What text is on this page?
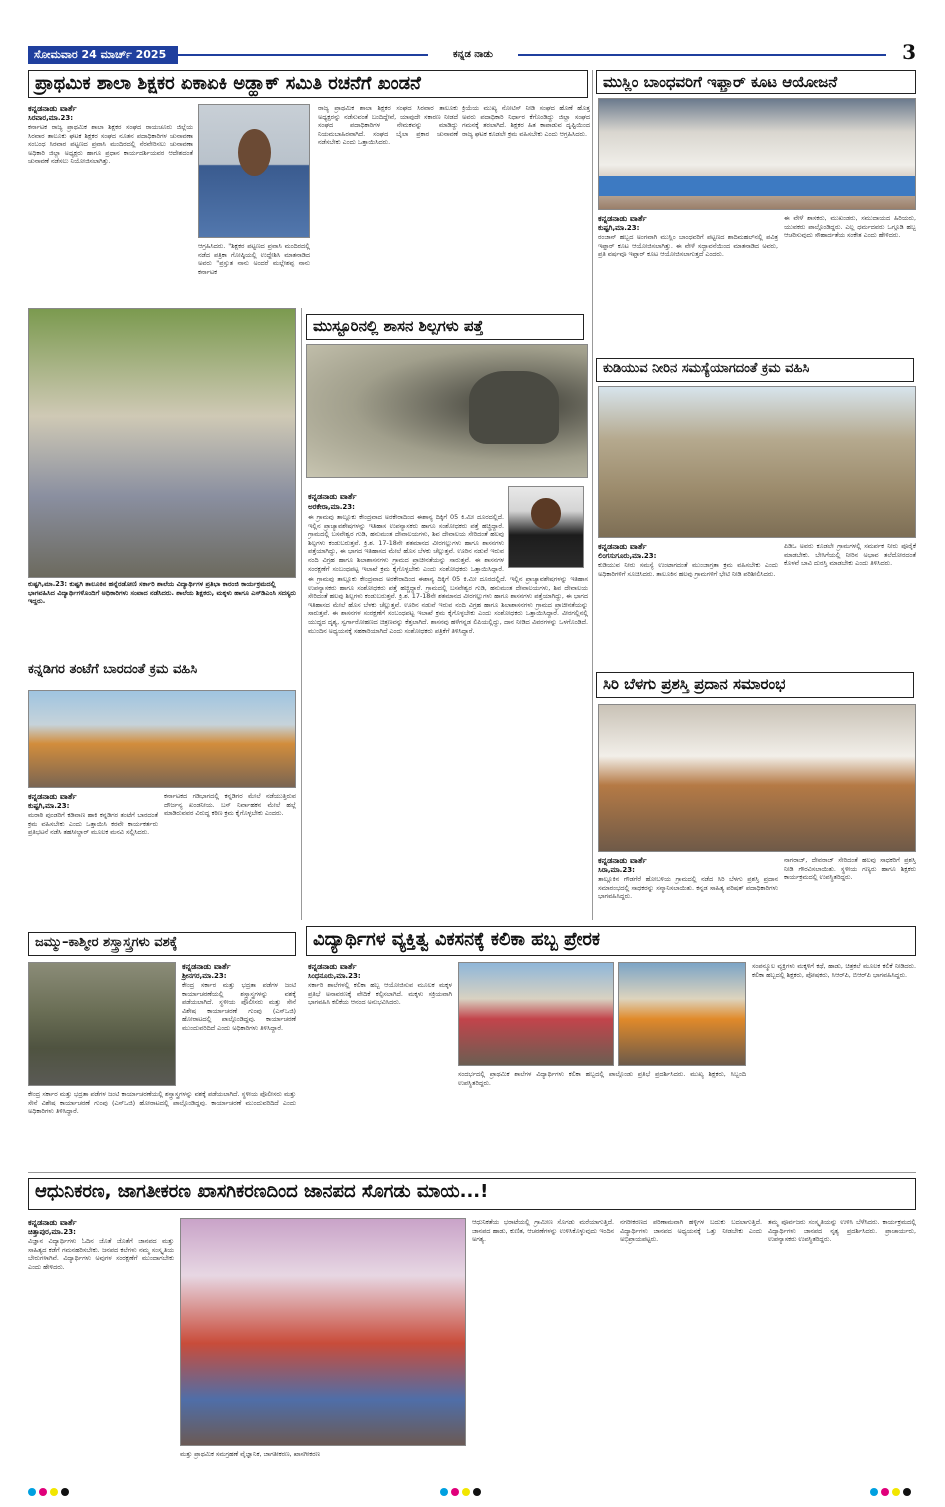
ಸೋಮವಾರ 24 ಮಾರ್ಚ್ 2025	ಕನ್ನಡ ನಾಡು	3
ಪ್ರಾಥಮಿಕ ಶಾಲಾ ಶಿಕ್ಷಕರ ಏಕಾಏಕಿ ಅಡ್ಹಾಕ್ ಸಮಿತಿ ರಚನೆಗೆ ಖಂಡನೆ
ಕನ್ನಡನಾಡು ವಾರ್ತೆ
ಸಿರವಾರ,ಮಾ.23:
ಕರ್ನಾಟಕ ರಾಜ್ಯ ಪ್ರಾಥಮಿಕ ಶಾಲಾ ಶಿಕ್ಷಕರ ಸಂಘದ ರಾಯಚೂರು ಜಿಲ್ಲೆಯ ಸಿರವಾರ ತಾಲೂಕು ಘಟಕ ಶಿಕ್ಷಕರ ಸಂಘದ ನೂತನ ಪದಾಧಿಕಾರಿಗಳ ಚುನಾವಣಾ ಸಂಬಂಧ ಸಿರವಾರ ಪಟ್ಟಣದ ಪ್ರವಾಸಿ ಮಂದಿರದಲ್ಲಿ ನೆರವೇರಿಸಲು ಚುನಾವಣಾ ಅಧಿಕಾರಿ ಜಿಲ್ಲಾ ಅಧ್ಯಕ್ಷರು ಹಾಗೂ ಪ್ರಧಾನ ಕಾರ್ಯದರ್ಶಿಯವರ ಆದೇಶದಂತೆ ಚುನಾವಣೆ ನಡೆಸಲು ನಿಯೋಜಿಸಲಾಗಿತ್ತು.
ರಾಜ್ಯ ಪ್ರಾಥಮಿಕ ಶಾಲಾ ಶಿಕ್ಷಕರ ಸಂಘದ ಸಿರವಾರ ತಾಲೂಕು ಅಧ್ಯಕ್ಷರನ್ನು ನಡೆಸುವಂತೆ ಬಂದಿದ್ದೇವೆ, ಯಾವುದೇ ಸಕಾರಣ ನೀಡದೆ ಸಂಘದ ಪದಾಧಿಕಾರಿಗಳ ನೇಮಕವನ್ನು ಮಾಡಿದ್ದು ನಿಯಮಬಾಹಿರವಾಗಿದೆ. ಸಂಘದ ಬೈಲಾ ಪ್ರಕಾರ ಚುನಾವಣೆ ನಡೆಸಬೇಕು ಎಂದು ಒತ್ತಾಯಿಸಿದರು.
ಕ್ರಿಯೆಯ ಮುಖ್ಯ ನೋಟಿಸ್ ನೀಡಿ ಸಂಘದ ಹೊಣೆ ಹೊತ್ತ ಅವರು ಪದಾಧಿಕಾರಿ ನಿರ್ಧಾರ ಕೆಗೊಂಡಿದ್ದು ಜಿಲ್ಲಾ ಸಂಘದ ಗಮನಕ್ಕೆ ತರಲಾಗಿದೆ. ಶಿಕ್ಷಕರ ಹಿತ ಕಾಪಾಡುವ ದೃಷ್ಟಿಯಿಂದ ರಾಜ್ಯ ಘಟಕ ಕೂಡಲೇ ಕ್ರಮ ವಹಿಸಬೇಕು ಎಂದು ಆಗ್ರಹಿಸಿದರು.
ಆಗ್ರಹಿಸಿದರು. "ಶಿಕ್ಷಕರ ಪಟ್ಟಣದ ಪ್ರವಾಸಿ ಮಂದಿರದಲ್ಲಿ ನಡೆದ ಪತ್ರಿಕಾ ಗೋಷ್ಠಿಯಲ್ಲಿ ಉದ್ದೇಶಿಸಿ ಮಾತನಾಡಿದ ಅವರು "ಪ್ರಸ್ತುತ ನಾನು ಅಂದರೆ ಮಲ್ಲೇಶಪ್ಪ ನಾನು ಕರ್ನಾಟಕ
ಮುಸ್ಲಿಂ ಬಾಂಧವರಿಗೆ ಇಫ್ತಾರ್ ಕೂಟ ಆಯೋಜನೆ
ಕನ್ನಡನಾಡು ವಾರ್ತೆ
ಕುಷ್ಟಗಿ,ಮಾ.23:
ರಂಜಾನ್ ಹಬ್ಬದ ಅಂಗವಾಗಿ ಮುಸ್ಲಿಂ ಬಾಂಧವರಿಗೆ ಪಟ್ಟಣದ ಶಾದಿಮಹಲ್‌ನಲ್ಲಿ ಪವಿತ್ರ ಇಫ್ತಾರ್ ಕೂಟ ಆಯೋಜಿಸಲಾಗಿತ್ತು. ಈ ವೇಳೆ ಸದ್ಭಾವನೆಯಿಂದ ಮಾತನಾಡಿದ ಅವರು, ಪ್ರತಿ ವರ್ಷವೂ ಇಫ್ತಾರ್ ಕೂಟ ಆಯೋಜಿಸಲಾಗುತ್ತದೆ ಎಂದರು.
ಈ ವೇಳೆ ಶಾಸಕರು, ಮುಖಂಡರು, ಸಮುದಾಯದ ಹಿರಿಯರು, ಯುವಕರು ಪಾಲ್ಗೊಂಡಿದ್ದರು. ಎಲ್ಲ ಧರ್ಮದವರು ಒಗ್ಗೂಡಿ ಹಬ್ಬ ಆಚರಿಸುವುದು ಸೌಹಾರ್ದತೆಯ ಸಂಕೇತ ಎಂದು ಹೇಳಿದರು.
ಕುಷ್ಟಗಿ,ಮಾ.23: ಕುಷ್ಟಗಿ ತಾಲೂಕಿನ ಹನ್ನೆರಡೋಣಿ ಸರ್ಕಾರಿ ಶಾಲೆಯ ವಿದ್ಯಾರ್ಥಿಗಳ ಪ್ರತಿಭಾ ಕಾರಂಜಿ ಕಾರ್ಯಕ್ರಮದಲ್ಲಿ ಭಾಗವಹಿಸಿದ ವಿದ್ಯಾರ್ಥಿಗಳೊಂದಿಗೆ ಅಧಿಕಾರಿಗಳು ಸಂವಾದ ನಡೆಸಿದರು. ಶಾಲೆಯ ಶಿಕ್ಷಕರು, ಮಕ್ಕಳು ಹಾಗೂ ಎಸ್‌ಡಿಎಂಸಿ ಸದಸ್ಯರು ಇದ್ದರು.
ಮುಸ್ಟೂರಿನಲ್ಲಿ ಶಾಸನ ಶಿಲ್ಪಗಳು ಪತ್ತೆ
ಕನ್ನಡನಾಡು ವಾರ್ತೆ
ಅರಕೇರಾ,ಮಾ.23:
ಈ ಗ್ರಾಮವು ತಾಲ್ಲೂಕು ಕೇಂದ್ರವಾದ ಅರಕೇರಾದಿಂದ ಈಶಾನ್ಯ ದಿಕ್ಕಿಗೆ 05 ಕಿ.ಮೀ ದೂರದಲ್ಲಿದೆ. ಇಲ್ಲಿನ ಪ್ರಾಚ್ಯಾವಶೇಷಗಳನ್ನು ಇತಿಹಾಸ ಉಪನ್ಯಾಸಕರು ಹಾಗೂ ಸಂಶೋಧಕರು ಪತ್ತೆ ಹಚ್ಚಿದ್ದಾರೆ. ಗ್ರಾಮದಲ್ಲಿ ಬಸವೇಶ್ವರ ಗುಡಿ, ಹನುಮಂತ ದೇವಾಲಯಗಳು, ಶಿವ ದೇವಾಲಯ ಸೇರಿದಂತೆ ಹಲವು ಶಿಲ್ಪಗಳು ಕಂಡುಬರುತ್ತವೆ. ಕ್ರಿ.ಶ. 17-18ನೇ ಶತಮಾನದ ವೀರಗಲ್ಲುಗಳು ಹಾಗೂ ಶಾಸನಗಳು ಪತ್ತೆಯಾಗಿದ್ದು, ಈ ಭಾಗದ ಇತಿಹಾಸದ ಮೇಲೆ ಹೊಸ ಬೆಳಕು ಚೆಲ್ಲುತ್ತವೆ. ಊರಿನ ನಡುವೆ ಇರುವ ನಂದಿ ವಿಗ್ರಹ ಹಾಗೂ ಶಿಲಾಶಾಸನಗಳು ಗ್ರಾಮದ ಪ್ರಾಚೀನತೆಯನ್ನು ಸಾರುತ್ತವೆ. ಈ ಶಾಸನಗಳ ಸಂರಕ್ಷಣೆಗೆ ಸಂಬಂಧಪಟ್ಟ ಇಲಾಖೆ ಕ್ರಮ ಕೈಗೊಳ್ಳಬೇಕು ಎಂದು ಸಂಶೋಧಕರು ಒತ್ತಾಯಿಸಿದ್ದಾರೆ.
ಈ ಗ್ರಾಮವು ತಾಲ್ಲೂಕು ಕೇಂದ್ರವಾದ ಅರಕೇರಾದಿಂದ ಈಶಾನ್ಯ ದಿಕ್ಕಿಗೆ 05 ಕಿ.ಮೀ ದೂರದಲ್ಲಿದೆ. ಇಲ್ಲಿನ ಪ್ರಾಚ್ಯಾವಶೇಷಗಳನ್ನು ಇತಿಹಾಸ ಉಪನ್ಯಾಸಕರು ಹಾಗೂ ಸಂಶೋಧಕರು ಪತ್ತೆ ಹಚ್ಚಿದ್ದಾರೆ. ಗ್ರಾಮದಲ್ಲಿ ಬಸವೇಶ್ವರ ಗುಡಿ, ಹನುಮಂತ ದೇವಾಲಯಗಳು, ಶಿವ ದೇವಾಲಯ ಸೇರಿದಂತೆ ಹಲವು ಶಿಲ್ಪಗಳು ಕಂಡುಬರುತ್ತವೆ. ಕ್ರಿ.ಶ. 17-18ನೇ ಶತಮಾನದ ವೀರಗಲ್ಲುಗಳು ಹಾಗೂ ಶಾಸನಗಳು ಪತ್ತೆಯಾಗಿದ್ದು, ಈ ಭಾಗದ ಇತಿಹಾಸದ ಮೇಲೆ ಹೊಸ ಬೆಳಕು ಚೆಲ್ಲುತ್ತವೆ. ಊರಿನ ನಡುವೆ ಇರುವ ನಂದಿ ವಿಗ್ರಹ ಹಾಗೂ ಶಿಲಾಶಾಸನಗಳು ಗ್ರಾಮದ ಪ್ರಾಚೀನತೆಯನ್ನು ಸಾರುತ್ತವೆ. ಈ ಶಾಸನಗಳ ಸಂರಕ್ಷಣೆಗೆ ಸಂಬಂಧಪಟ್ಟ ಇಲಾಖೆ ಕ್ರಮ ಕೈಗೊಳ್ಳಬೇಕು ಎಂದು ಸಂಶೋಧಕರು ಒತ್ತಾಯಿಸಿದ್ದಾರೆ. ವೀರಗಲ್ಲಿನಲ್ಲಿ ಯುದ್ಧದ ದೃಶ್ಯ, ಸ್ವರ್ಗಾರೋಹಣದ ಚಿತ್ರಣವನ್ನು ಕೆತ್ತಲಾಗಿದೆ. ಶಾಸನವು ಹಳೆಗನ್ನಡ ಲಿಪಿಯಲ್ಲಿದ್ದು, ದಾನ ನೀಡಿದ ವಿವರಗಳನ್ನು ಒಳಗೊಂಡಿದೆ. ಮುಂದಿನ ಅಧ್ಯಯನಕ್ಕೆ ಸಹಕಾರಿಯಾಗಿದೆ ಎಂದು ಸಂಶೋಧಕರು ಪತ್ರಿಕೆಗೆ ತಿಳಿಸಿದ್ದಾರೆ.
ಕುಡಿಯುವ ನೀರಿನ ಸಮಸ್ಯೆಯಾಗದಂತೆ ಕ್ರಮ ವಹಿಸಿ
ಕನ್ನಡನಾಡು ವಾರ್ತೆ
ಲಿಂಗಸುಗೂರು,ಮಾ.23:
ಕುಡಿಯುವ ನೀರು ಸಮಸ್ಯೆ ಉಂಟಾಗದಂತೆ ಮುಂಜಾಗ್ರತಾ ಕ್ರಮ ವಹಿಸಬೇಕು ಎಂದು ಅಧಿಕಾರಿಗಳಿಗೆ ಸೂಚಿಸಿದರು. ತಾಲೂಕಿನ ಹಲವು ಗ್ರಾಮಗಳಿಗೆ ಭೇಟಿ ನೀಡಿ ಪರಿಶೀಲಿಸಿದರು.
ಪಿಡಿಒ ಅವರು ಕೂಡಲೇ ಗ್ರಾಮಗಳಲ್ಲಿ ಸಮರ್ಪಕ ನೀರು ಪೂರೈಕೆ ಮಾಡಬೇಕು. ಬೇಸಿಗೆಯಲ್ಲಿ ನೀರಿನ ಅಭಾವ ತಲೆದೋರದಂತೆ ಕೊಳವೆ ಬಾವಿ ದುರಸ್ತಿ ಮಾಡಬೇಕು ಎಂದು ತಿಳಿಸಿದರು.
ಕನ್ನಡಿಗರ ತಂಟೆಗೆ ಬಾರದಂತೆ ಕ್ರಮ ವಹಿಸಿ
ಕನ್ನಡನಾಡು ವಾರ್ತೆ
ಕುಷ್ಟಗಿ,ಮಾ.23:
ಮರಾಠಿ ಪುಂಡರಿಗೆ ಕಡಿವಾಣ ಹಾಕಿ ಕನ್ನಡಿಗರ ತಂಟೆಗೆ ಬಾರದಂತೆ ಕ್ರಮ ವಹಿಸಬೇಕು ಎಂದು ಒತ್ತಾಯಿಸಿ ಕರವೇ ಕಾರ್ಯಕರ್ತರು ಪ್ರತಿಭಟನೆ ನಡೆಸಿ ತಹಸೀಲ್ದಾರ್ ಮೂಲಕ ಮನವಿ ಸಲ್ಲಿಸಿದರು.
ಕರ್ನಾಟಕದ ಗಡಿಭಾಗದಲ್ಲಿ ಕನ್ನಡಿಗರ ಮೇಲೆ ನಡೆಯುತ್ತಿರುವ ದೌರ್ಜನ್ಯ ಖಂಡನೀಯ. ಬಸ್ ನಿರ್ವಾಹಕನ ಮೇಲೆ ಹಲ್ಲೆ ಮಾಡಿರುವವರ ವಿರುದ್ಧ ಕಠಿಣ ಕ್ರಮ ಕೈಗೊಳ್ಳಬೇಕು ಎಂದರು.
ಸಿರಿ ಬೆಳಗು ಪ್ರಶಸ್ತಿ ಪ್ರದಾನ ಸಮಾರಂಭ
ಕನ್ನಡನಾಡು ವಾರ್ತೆ
ಸಿರಾ,ಮಾ.23:
ತಾಲ್ಲೂಕಿನ ಗೌಡಗೆರೆ ಹೋಬಳಿಯ ಗ್ರಾಮದಲ್ಲಿ ನಡೆದ ಸಿರಿ ಬೆಳಗು ಪ್ರಶಸ್ತಿ ಪ್ರದಾನ ಸಮಾರಂಭದಲ್ಲಿ ಸಾಧಕರನ್ನು ಸನ್ಮಾನಿಸಲಾಯಿತು. ಕನ್ನಡ ಸಾಹಿತ್ಯ ಪರಿಷತ್ ಪದಾಧಿಕಾರಿಗಳು ಭಾಗವಹಿಸಿದ್ದರು.
ನಾಗರಾಜ್, ದೇವರಾಜ್ ಸೇರಿದಂತೆ ಹಲವು ಸಾಧಕರಿಗೆ ಪ್ರಶಸ್ತಿ ನೀಡಿ ಗೌರವಿಸಲಾಯಿತು. ಸ್ಥಳೀಯ ಗಣ್ಯರು ಹಾಗೂ ಶಿಕ್ಷಕರು ಕಾರ್ಯಕ್ರಮದಲ್ಲಿ ಉಪಸ್ಥಿತರಿದ್ದರು.
ಜಮ್ಮು–ಕಾಶ್ಮೀರ ಶಸ್ತ್ರಾಸ್ತ್ರಗಳು ವಶಕ್ಕೆ
ಕನ್ನಡನಾಡು ವಾರ್ತೆ
ಶ್ರೀನಗರ,ಮಾ.23:
ಕೇಂದ್ರ ಸರ್ಕಾರ ಮತ್ತು ಭದ್ರತಾ ಪಡೆಗಳ ಜಂಟಿ ಕಾರ್ಯಾಚರಣೆಯಲ್ಲಿ ಶಸ್ತ್ರಾಸ್ತ್ರಗಳನ್ನು ವಶಕ್ಕೆ ಪಡೆಯಲಾಗಿದೆ. ಸ್ಥಳೀಯ ಪೊಲೀಸರು ಮತ್ತು ಸೇನೆ ವಿಶೇಷ ಕಾರ್ಯಾಚರಣೆ ಗುಂಪು (ಎಸ್‌ಒಜಿ) ಹೋರಾಟದಲ್ಲಿ ಪಾಲ್ಗೊಂಡಿದ್ದವು. ಕಾರ್ಯಾಚರಣೆ ಮುಂದುವರಿದಿದೆ ಎಂದು ಅಧಿಕಾರಿಗಳು ತಿಳಿಸಿದ್ದಾರೆ.
ಕೇಂದ್ರ ಸರ್ಕಾರ ಮತ್ತು ಭದ್ರತಾ ಪಡೆಗಳ ಜಂಟಿ ಕಾರ್ಯಾಚರಣೆಯಲ್ಲಿ ಶಸ್ತ್ರಾಸ್ತ್ರಗಳನ್ನು ವಶಕ್ಕೆ ಪಡೆಯಲಾಗಿದೆ. ಸ್ಥಳೀಯ ಪೊಲೀಸರು ಮತ್ತು ಸೇನೆ ವಿಶೇಷ ಕಾರ್ಯಾಚರಣೆ ಗುಂಪು (ಎಸ್‌ಒಜಿ) ಹೋರಾಟದಲ್ಲಿ ಪಾಲ್ಗೊಂಡಿದ್ದವು. ಕಾರ್ಯಾಚರಣೆ ಮುಂದುವರಿದಿದೆ ಎಂದು ಅಧಿಕಾರಿಗಳು ತಿಳಿಸಿದ್ದಾರೆ.
ವಿದ್ಯಾರ್ಥಿಗಳ ವ್ಯಕ್ತಿತ್ವ ವಿಕಸನಕ್ಕೆ ಕಲಿಕಾ ಹಬ್ಬ ಪ್ರೇರಕ
ಕನ್ನಡನಾಡು ವಾರ್ತೆ
ಸಿಂಧನೂರು,ಮಾ.23:
ಸರ್ಕಾರಿ ಶಾಲೆಗಳಲ್ಲಿ ಕಲಿಕಾ ಹಬ್ಬ ಆಯೋಜಿಸುವ ಮೂಲಕ ಮಕ್ಕಳ ಪ್ರತಿಭೆ ಅನಾವರಣಕ್ಕೆ ವೇದಿಕೆ ಕಲ್ಪಿಸಲಾಗಿದೆ. ಮಕ್ಕಳು ಸಕ್ರಿಯವಾಗಿ ಭಾಗವಹಿಸಿ ಕಲಿಕೆಯ ಆನಂದ ಅನುಭವಿಸಿದರು.
ಸಂಪನ್ಮೂಲ ವ್ಯಕ್ತಿಗಳು ಮಕ್ಕಳಿಗೆ ಕಥೆ, ಹಾಡು, ಚಿತ್ರಕಲೆ ಮೂಲಕ ಕಲಿಕೆ ನೀಡಿದರು. ಕಲಿಕಾ ಹಬ್ಬದಲ್ಲಿ ಶಿಕ್ಷಕರು, ಪೋಷಕರು, ಸಿಆರ್‌ಪಿ, ಬಿಆರ್‌ಪಿ ಭಾಗವಹಿಸಿದ್ದರು.
ಸಂದರ್ಭದಲ್ಲಿ ಪ್ರಾಥಮಿಕ ಶಾಲೆಗಳ ವಿದ್ಯಾರ್ಥಿಗಳು ಕಲಿಕಾ ಹಬ್ಬದಲ್ಲಿ ಪಾಲ್ಗೊಂಡು ಪ್ರತಿಭೆ ಪ್ರದರ್ಶಿಸಿದರು. ಮುಖ್ಯ ಶಿಕ್ಷಕರು, ಸಿಬ್ಬಂದಿ ಉಪಸ್ಥಿತರಿದ್ದರು.
ಆಧುನಿಕರಣ, ಜಾಗತೀಕರಣ ಖಾಸಗಿಕರಣದಿಂದ ಜಾನಪದ ಸೊಗಡು ಮಾಯ...!
ಕನ್ನಡನಾಡು ವಾರ್ತೆ
ಚಿತ್ತಾಪುರ,ಮಾ.23:
ವಿಜ್ಞಾನ ವಿದ್ಯಾರ್ಥಿಗಳು ಓದಿನ ಜೊತೆ ಜೊತೆಗೆ ಜಾನಪದ ಮತ್ತು ಸಾಹಿತ್ಯದ ಕಡೆಗೆ ಗಮನಹರಿಸಬೇಕು. ಜನಪದ ಕಲೆಗಳು ನಮ್ಮ ಸಂಸ್ಕೃತಿಯ ಬೇರುಗಳಾಗಿವೆ. ವಿದ್ಯಾರ್ಥಿಗಳು ಅವುಗಳ ಸಂರಕ್ಷಣೆಗೆ ಮುಂದಾಗಬೇಕು ಎಂದು ಹೇಳಿದರು.
ಮತ್ತು ಪ್ರಾಥಮಿಕ ಸಮಗ್ರಹಣೆ ವೈಜ್ಞಾನಿಕ, ಜಾಗತೀಕರಣ, ಖಾಸಗೀಕರಣ
ಆಧುನಿಕತೆಯ ಭರಾಟೆಯಲ್ಲಿ ಗ್ರಾಮೀಣ ಸೊಗಡು ಮರೆಯಾಗುತ್ತಿದೆ. ಜಾನಪದ ಹಾಡು, ಕುಣಿತ, ಆಚರಣೆಗಳನ್ನು ಉಳಿಸಿಕೊಳ್ಳುವುದು ಇಂದಿನ ಅಗತ್ಯ.
ನಗರೀಕರಣದ ಪರಿಣಾಮವಾಗಿ ಹಳ್ಳಿಗಳ ಬದುಕು ಬದಲಾಗುತ್ತಿದೆ. ವಿದ್ಯಾರ್ಥಿಗಳು ಜಾನಪದ ಅಧ್ಯಯನಕ್ಕೆ ಒತ್ತು ನೀಡಬೇಕು ಎಂದು ಅಭಿಪ್ರಾಯಪಟ್ಟರು.
ತಮ್ಮ ಪೂರ್ವಜರು ಸಂಸ್ಕೃತಿಯನ್ನು ಉಳಿಸಿ ಬೆಳೆಸಿದರು. ಕಾರ್ಯಕ್ರಮದಲ್ಲಿ ವಿದ್ಯಾರ್ಥಿಗಳು ಜಾನಪದ ನೃತ್ಯ ಪ್ರದರ್ಶಿಸಿದರು. ಪ್ರಾಚಾರ್ಯರು, ಉಪನ್ಯಾಸಕರು ಉಪಸ್ಥಿತರಿದ್ದರು.
